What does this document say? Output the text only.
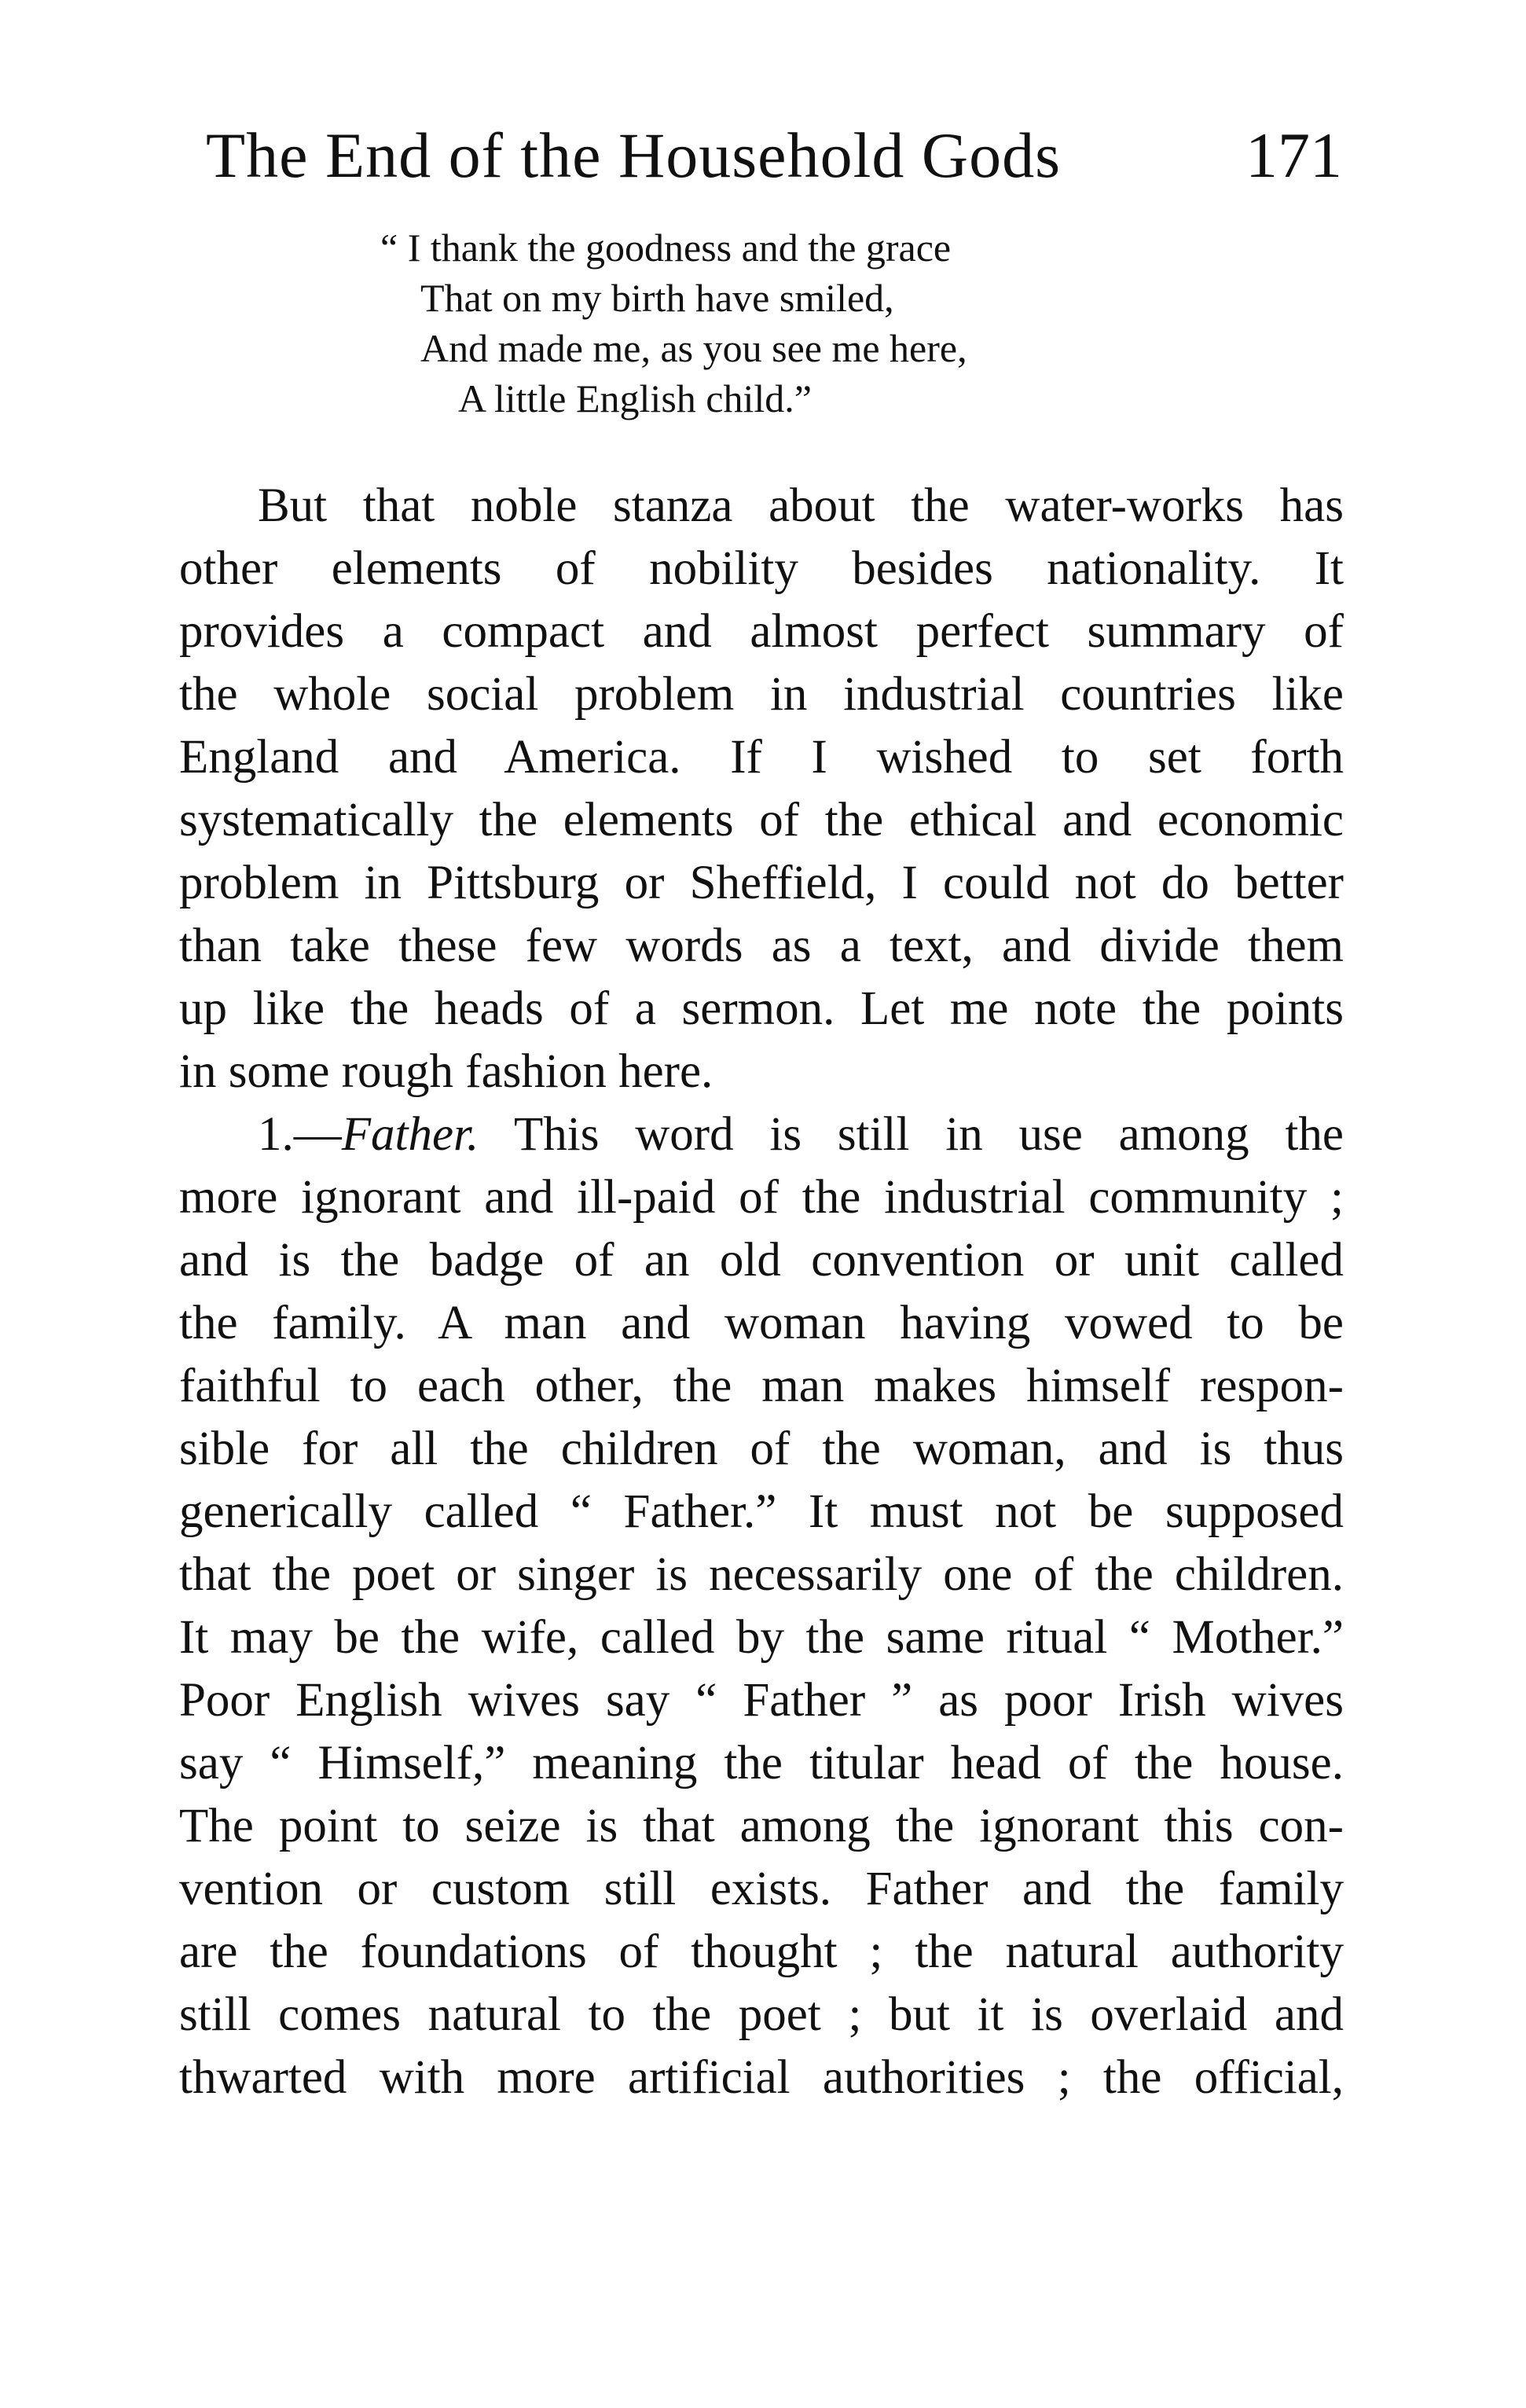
The End of the Household Gods	171
“ I thank the goodness and the grace
That on my birth have smiled,
And made me, as you see me here,
A little English child.”
But that noble stanza about the water-works has
other elements of nobility besides nationality. It
provides a compact and almost perfect summary of
the whole social problem in industrial countries like
England and America. If I wished to set forth
systematically the elements of the ethical and economic
problem in Pittsburg or Sheffield, I could not do better
than take these few words as a text, and divide them
up like the heads of a sermon. Let me note the points
in some rough fashion here.
1.—Father. This word is still in use among the
more ignorant and ill-paid of the industrial community ;
and is the badge of an old convention or unit called
the family. A man and woman having vowed to be
faithful to each other, the man makes himself respon-
sible for all the children of the woman, and is thus
generically called “ Father.” It must not be supposed
that the poet or singer is necessarily one of the children.
It may be the wife, called by the same ritual “ Mother.”
Poor English wives say “ Father ” as poor Irish wives
say “ Himself,” meaning the titular head of the house.
The point to seize is that among the ignorant this con-
vention or custom still exists. Father and the family
are the foundations of thought ; the natural authority
still comes natural to the poet ; but it is overlaid and
thwarted with more artificial authorities ; the official,
